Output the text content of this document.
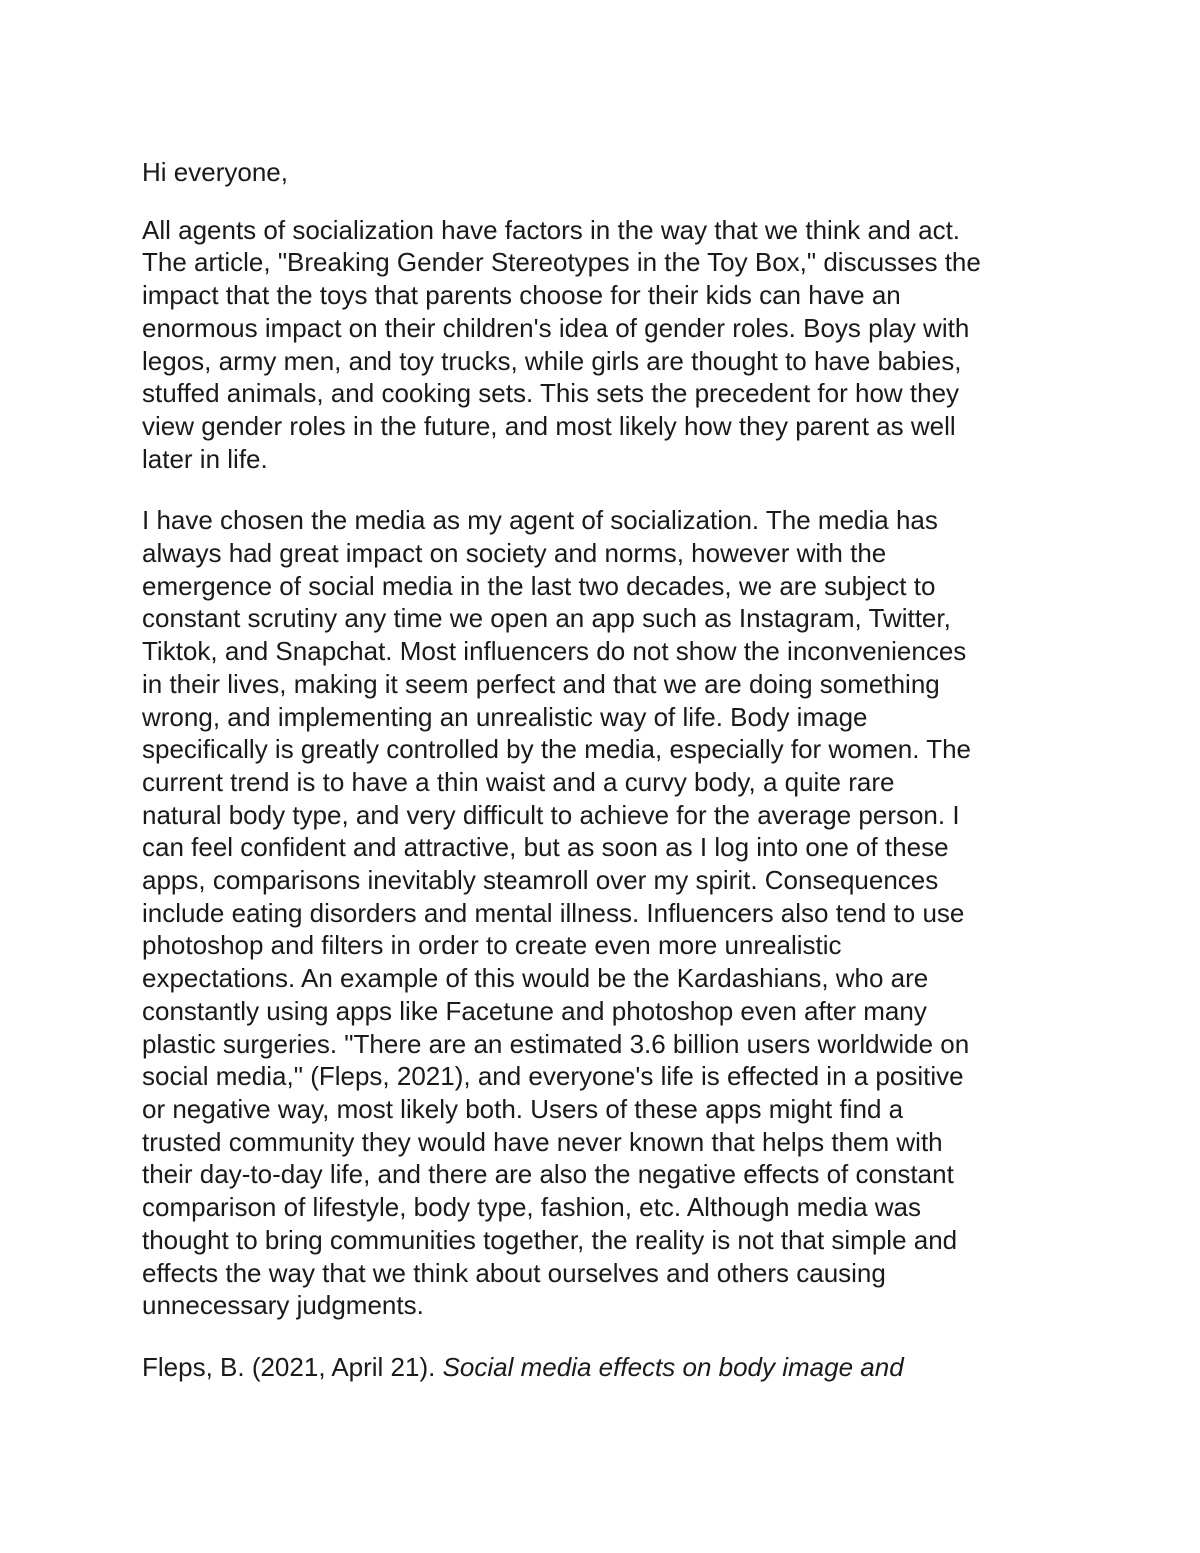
Hi everyone,

All agents of socialization have factors in the way that we think and act.
The article, "Breaking Gender Stereotypes in the Toy Box," discusses the
impact that the toys that parents choose for their kids can have an
enormous impact on their children's idea of gender roles. Boys play with
legos, army men, and toy trucks, while girls are thought to have babies,
stuffed animals, and cooking sets. This sets the precedent for how they
view gender roles in the future, and most likely how they parent as well
later in life.

I have chosen the media as my agent of socialization. The media has
always had great impact on society and norms, however with the
emergence of social media in the last two decades, we are subject to
constant scrutiny any time we open an app such as Instagram, Twitter,
Tiktok, and Snapchat. Most influencers do not show the inconveniences
in their lives, making it seem perfect and that we are doing something
wrong, and implementing an unrealistic way of life. Body image
specifically is greatly controlled by the media, especially for women. The
current trend is to have a thin waist and a curvy body, a quite rare
natural body type, and very difficult to achieve for the average person. I
can feel confident and attractive, but as soon as I log into one of these
apps, comparisons inevitably steamroll over my spirit. Consequences
include eating disorders and mental illness. Influencers also tend to use
photoshop and filters in order to create even more unrealistic
expectations. An example of this would be the Kardashians, who are
constantly using apps like Facetune and photoshop even after many
plastic surgeries. "There are an estimated 3.6 billion users worldwide on
social media," (Fleps, 2021), and everyone's life is effected in a positive
or negative way, most likely both. Users of these apps might find a
trusted community they would have never known that helps them with
their day-to-day life, and there are also the negative effects of constant
comparison of lifestyle, body type, fashion, etc. Although media was
thought to bring communities together, the reality is not that simple and
effects the way that we think about ourselves and others causing
unnecessary judgments.

Fleps, B. (2021, April 21). Social media effects on body image and
